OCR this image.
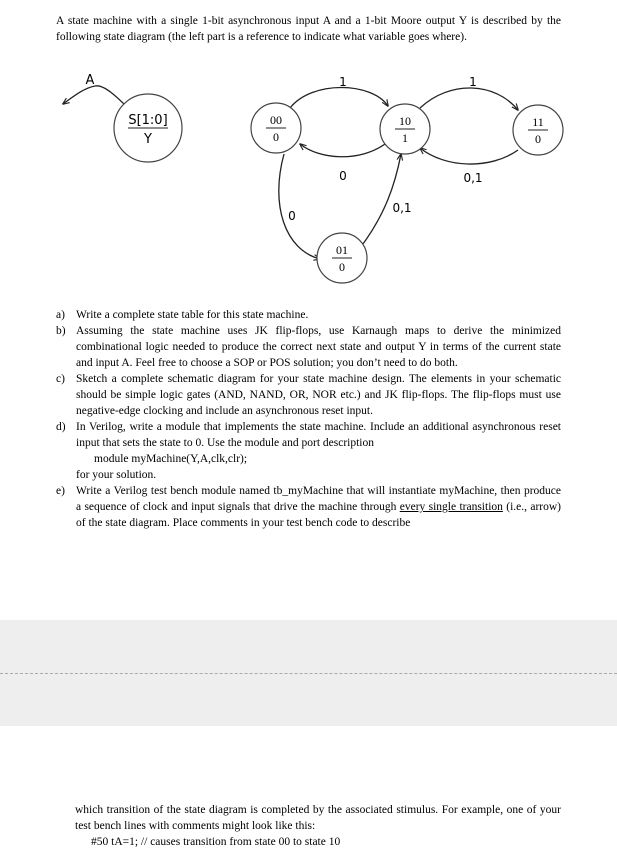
A state machine with a single 1-bit asynchronous input A and a 1-bit Moore output Y is described by the following state diagram (the left part is a reference to indicate what variable goes where).
A
S[1:0]
Y
1	1
0	0,1
0
0,1
00
0
10
1
11
0
01
0
a) Write a complete state table for this state machine.
b) Assuming the state machine uses JK flip-flops, use Karnaugh maps to derive the minimized combinational logic needed to produce the correct next state and output Y in terms of the current state and input A. Feel free to choose a SOP or POS solution; you don’t need to do both.
c) Sketch a complete schematic diagram for your state machine design. The elements in your schematic should be simple logic gates (AND, NAND, OR, NOR etc.) and JK flip-flops. The flip-flops must use negative-edge clocking and include an asynchronous reset input.
d) In Verilog, write a module that implements the state machine. Include an additional asynchronous reset input that sets the state to 0. Use the module and port description
module myMachine(Y,A,clk,clr);
for your solution.
e) Write a Verilog test bench module named tb_myMachine that will instantiate myMachine, then produce a sequence of clock and input signals that drive the machine through every single transition (i.e., arrow) of the state diagram. Place comments in your test bench code to describe
which transition of the state diagram is completed by the associated stimulus. For example, one of your test bench lines with comments might look like this:
#50 tA=1; // causes transition from state 00 to state 10
